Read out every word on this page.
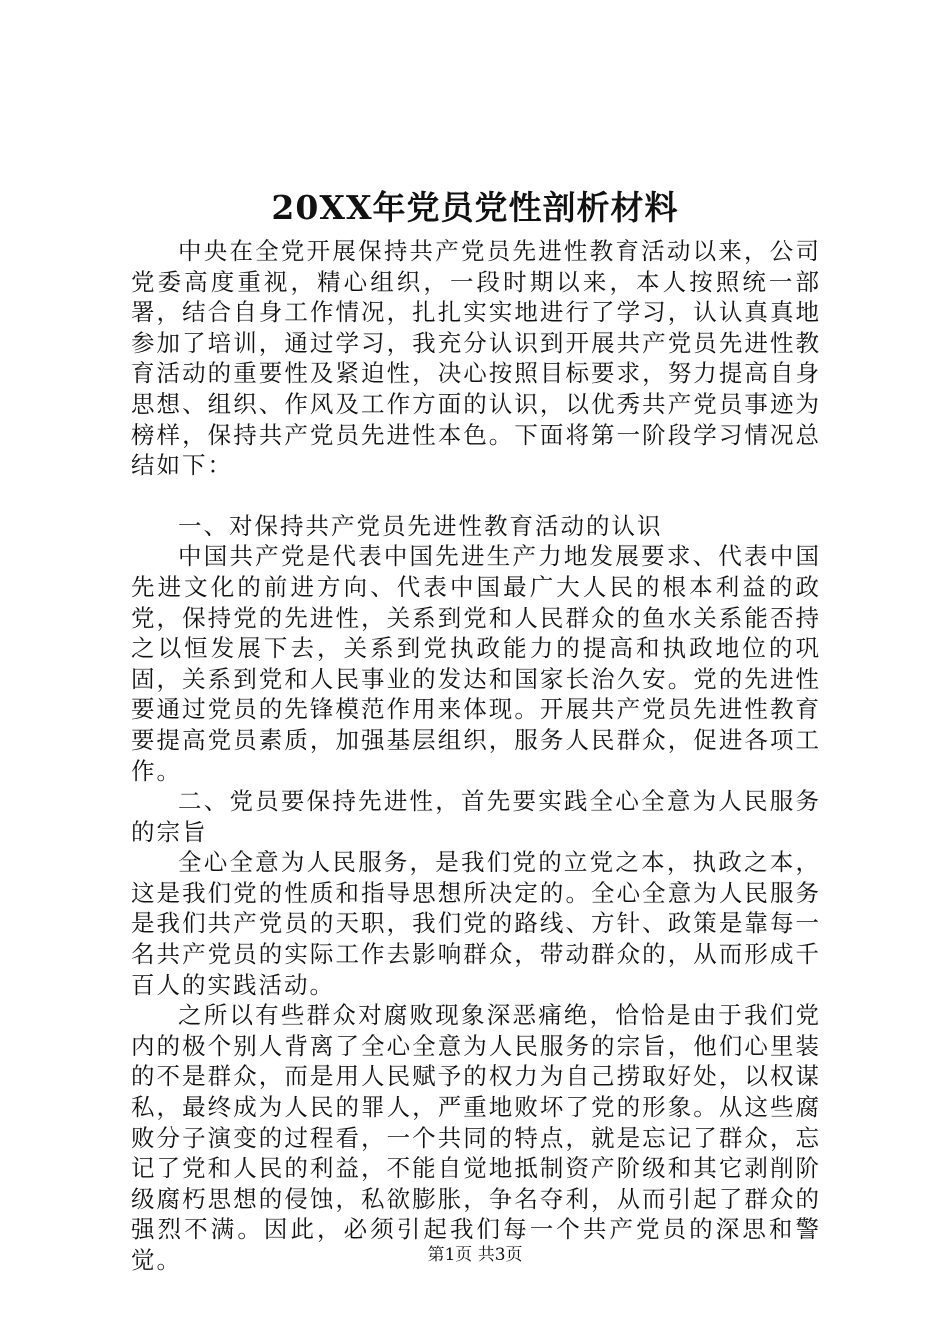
20XX年党员党性剖析材料

中央在全党开展保持共产党员先进性教育活动以来，公司党委高度重视，精心组织，一段时期以来，本人按照统一部署，结合自身工作情况，扎扎实实地进行了学习，认认真真地参加了培训，通过学习，我充分认识到开展共产党员先进性教育活动的重要性及紧迫性，决心按照目标要求，努力提高自身思想、组织、作风及工作方面的认识，以优秀共产党员事迹为榜样，保持共产党员先进性本色。下面将第一阶段学习情况总结如下：

一、对保持共产党员先进性教育活动的认识

中国共产党是代表中国先进生产力地发展要求、代表中国先进文化的前进方向、代表中国最广大人民的根本利益的政党，保持党的先进性，关系到党和人民群众的鱼水关系能否持之以恒发展下去，关系到党执政能力的提高和执政地位的巩固，关系到党和人民事业的发达和国家长治久安。党的先进性要通过党员的先锋模范作用来体现。开展共产党员先进性教育要提高党员素质，加强基层组织，服务人民群众，促进各项工作。

二、党员要保持先进性，首先要实践全心全意为人民服务的宗旨

全心全意为人民服务，是我们党的立党之本，执政之本，这是我们党的性质和指导思想所决定的。全心全意为人民服务是我们共产党员的天职，我们党的路线、方针、政策是靠每一名共产党员的实际工作去影响群众，带动群众的，从而形成千百人的实践活动。

之所以有些群众对腐败现象深恶痛绝，恰恰是由于我们党内的极个别人背离了全心全意为人民服务的宗旨，他们心里装的不是群众，而是用人民赋予的权力为自己捞取好处，以权谋私，最终成为人民的罪人，严重地败坏了党的形象。从这些腐败分子演变的过程看，一个共同的特点，就是忘记了群众，忘记了党和人民的利益，不能自觉地抵制资产阶级和其它剥削阶级腐朽思想的侵蚀，私欲膨胀，争名夺利，从而引起了群众的强烈不满。因此，必须引起我们每一个共产党员的深思和警觉。	第1页 共3页
